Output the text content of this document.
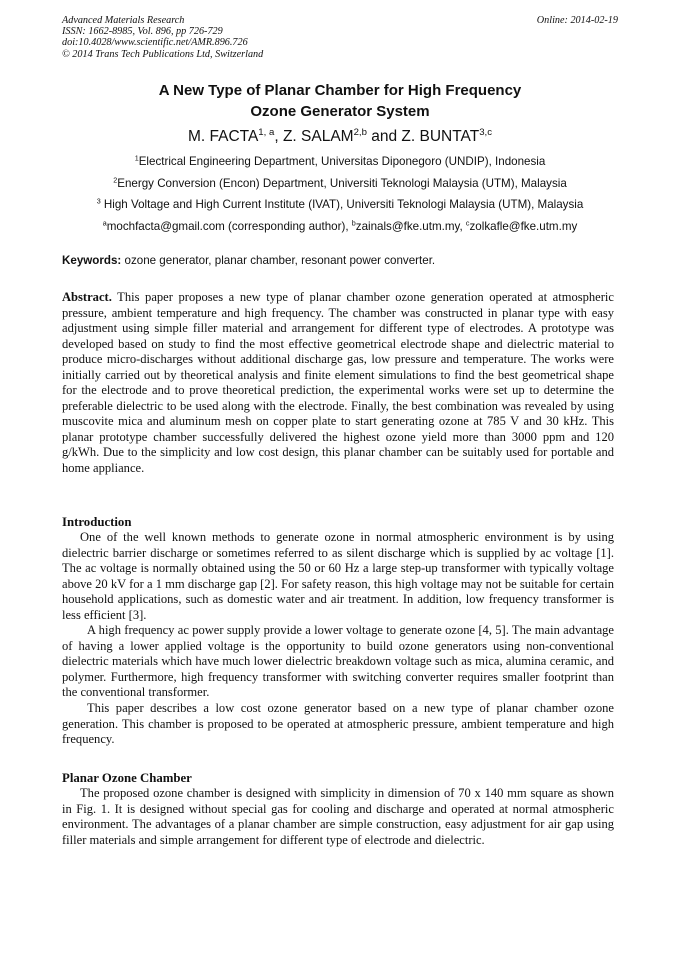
Advanced Materials Research
ISSN: 1662-8985, Vol. 896, pp 726-729
doi:10.4028/www.scientific.net/AMR.896.726
© 2014 Trans Tech Publications Ltd, Switzerland
Online: 2014-02-19
A New Type of Planar Chamber for High Frequency
Ozone Generator System
M. FACTA$^{1, a}$, Z. SALAM$^{2,b}$ and Z. BUNTAT$^{3,c}$
$^1$Electrical Engineering Department, Universitas Diponegoro (UNDIP), Indonesia
$^2$Energy Conversion (Encon) Department, Universiti Teknologi Malaysia (UTM), Malaysia
$^3$ High Voltage and High Current Institute (IVAT), Universiti Teknologi Malaysia (UTM), Malaysia
$^a$mochfacta@gmail.com (corresponding author), $^b$zainals@fke.utm.my, $^c$zolkafle@fke.utm.my
Keywords: ozone generator, planar chamber, resonant power converter.
Abstract. This paper proposes a new type of planar chamber ozone generation operated at atmospheric pressure, ambient temperature and high frequency. The chamber was constructed in planar type with easy adjustment using simple filler material and arrangement for different type of electrodes. A prototype was developed based on study to find the most effective geometrical electrode shape and dielectric material to produce micro-discharges without additional discharge gas, low pressure and temperature. The works were initially carried out by theoretical analysis and finite element simulations to find the best geometrical shape for the electrode and to prove theoretical prediction, the experimental works were set up to determine the preferable dielectric to be used along with the electrode. Finally, the best combination was revealed by using muscovite mica and aluminum mesh on copper plate to start generating ozone at 785 V and 30 kHz. This planar prototype chamber successfully delivered the highest ozone yield more than 3000 ppm and 120 g/kWh. Due to the simplicity and low cost design, this planar chamber can be suitably used for portable and home appliance.
Introduction

One of the well known methods to generate ozone in normal atmospheric environment is by using dielectric barrier discharge or sometimes referred to as silent discharge which is supplied by ac voltage [1]. The ac voltage is normally obtained using the 50 or 60 Hz a large step-up transformer with typically voltage above 20 kV for a 1 mm discharge gap [2]. For safety reason, this high voltage may not be suitable for certain household applications, such as domestic water and air treatment. In addition, low frequency transformer is less efficient [3].

A high frequency ac power supply provide a lower voltage to generate ozone [4, 5]. The main advantage of having a lower applied voltage is the opportunity to build ozone generators using non-conventional dielectric materials which have much lower dielectric breakdown voltage such as mica, alumina ceramic, and polymer. Furthermore, high frequency transformer with switching converter requires smaller footprint than the conventional transformer.

This paper describes a low cost ozone generator based on a new type of planar chamber ozone generation. This chamber is proposed to be operated at atmospheric pressure, ambient temperature and high frequency.

Planar Ozone Chamber

The proposed ozone chamber is designed with simplicity in dimension of 70 x 140 mm square as shown in Fig. 1. It is designed without special gas for cooling and discharge and operated at normal atmospheric environment. The advantages of a planar chamber are simple construction, easy adjustment for air gap using filler materials and simple arrangement for different type of electrode and dielectric.
